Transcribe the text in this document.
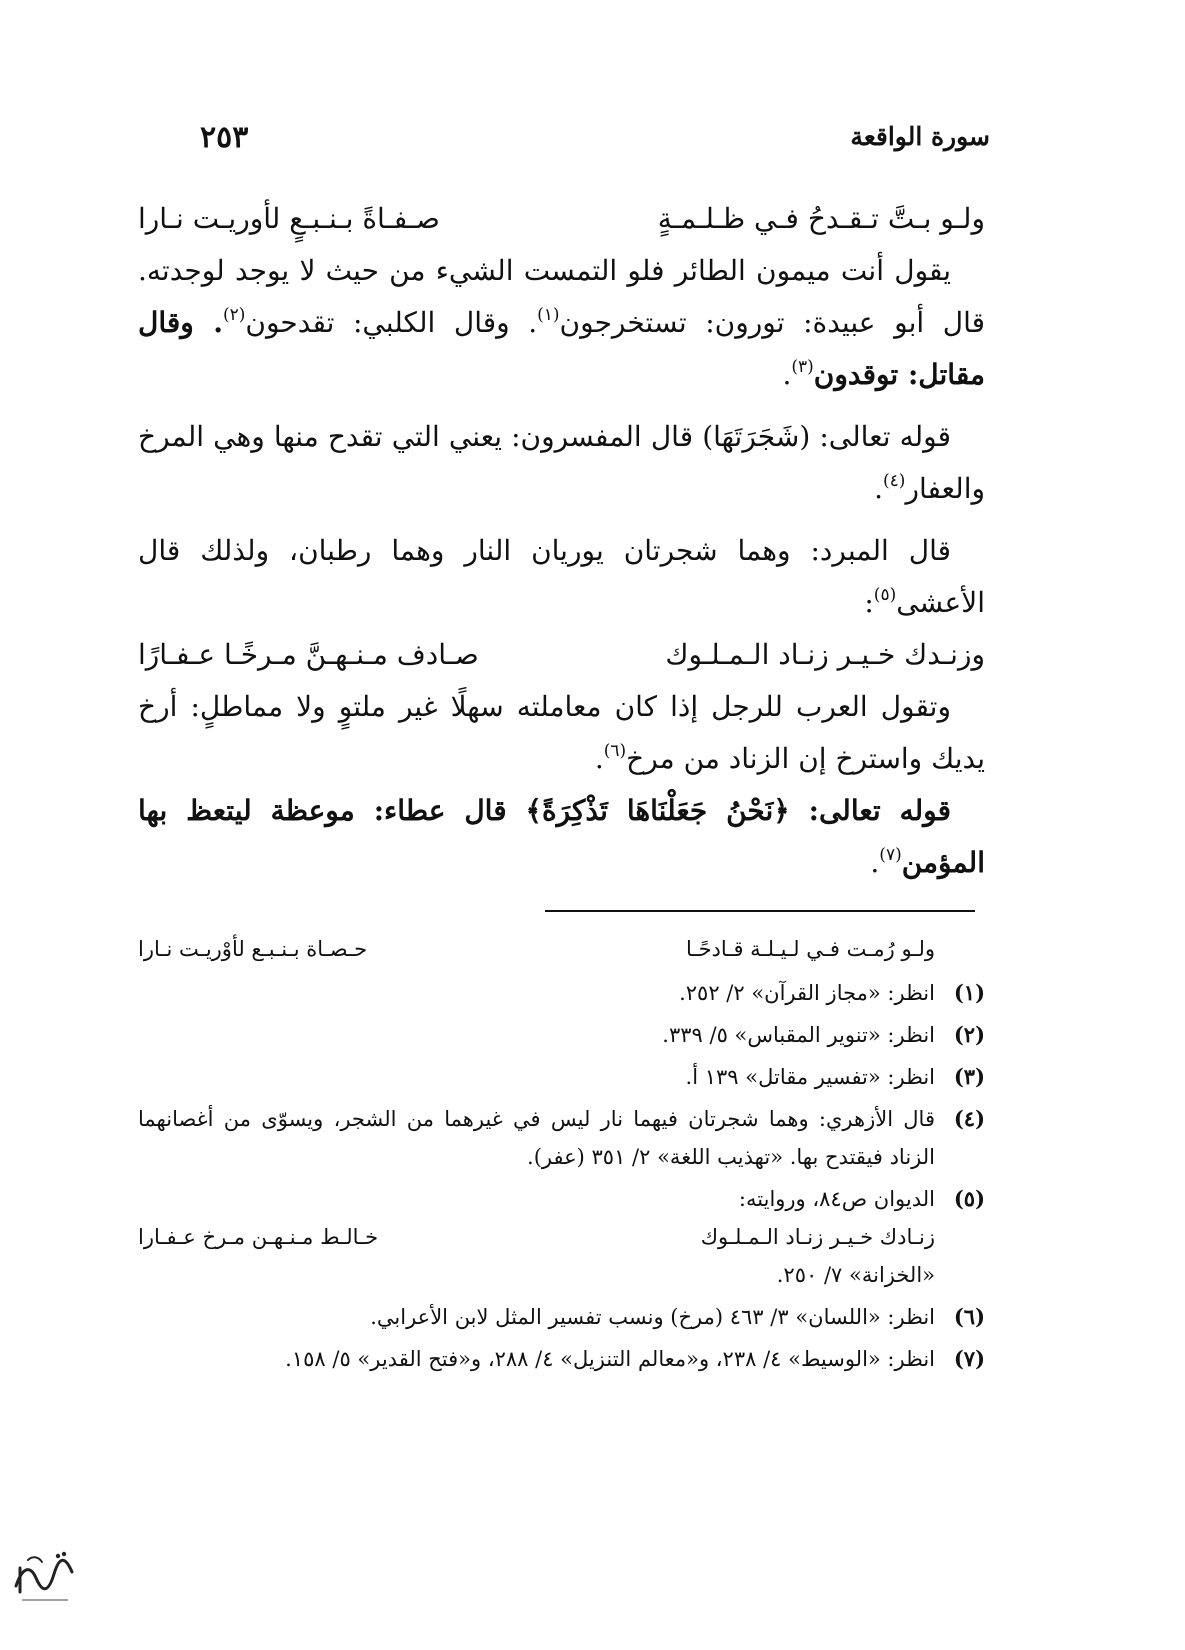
سورة الواقعة
٢٥٣
ولـو بـتَّ تـقـدحُ فـي ظـلـمـةٍ
صـفـاةً بـنـبـعٍ لأوريـت نـارا

يقول أنت ميمون الطائر فلو التمست الشيء من حيث لا يوجد لوجدته. قال أبو عبيدة: تورون: تستخرجون$^{(١)}$. وقال الكلبي: تقدحون$^{(٢)}$. وقال مقاتل: توقدون$^{(٣)}$.

قوله تعالى: (شَجَرَتَهَا) قال المفسرون: يعني التي تقدح منها وهي المرخ والعفار$^{(٤)}$.

قال المبرد: وهما شجرتان يوريان النار وهما رطبان، ولذلك قال الأعشى$^{(٥)}$:

وزنـدك خـيـر زنـاد الـمـلـوك
صـادف مـنـهـنَّ مـرخًـا عـفـارًا

وتقول العرب للرجل إذا كان معاملته سهلًا غير ملتوٍ ولا مماطلٍ: أرخ يديك واسترخ إن الزناد من مرخ$^{(٦)}$.

قوله تعالى: ﴿نَحْنُ جَعَلْنَاهَا تَذْكِرَةً﴾ قال عطاء: موعظة ليتعظ بها المؤمن$^{(٧)}$.

ولـو رُمـت فـي لـيـلـة قـادحًـا
حـصـاة بـنـبـع لأوْريـت نـارا
(١)
انظر: «مجاز القرآن» ٢/ ٢٥٢.
(٢)
انظر: «تنوير المقباس» ٥/ ٣٣٩.
(٣)
انظر: «تفسير مقاتل» ١٣٩ أ.
(٤)
قال الأزهري: وهما شجرتان فيهما نار ليس في غيرهما من الشجر، ويسوّى من أغصانهما الزناد فيقتدح بها. «تهذيب اللغة» ٢/ ٣٥١ (عفر).
(٥)
الديوان ص٨٤، وروايته:
زنـادك خـيـر زنـاد الـمـلـوك
خـالـط مـنـهـن مـرخ عـفـارا
«الخزانة» ٧/ ٢٥٠.
(٦)
انظر: «اللسان» ٣/ ٤٦٣ (مرخ) ونسب تفسير المثل لابن الأعرابي.
(٧)
انظر: «الوسيط» ٤/ ٢٣٨، و«معالم التنزيل» ٤/ ٢٨٨، و«فتح القدير» ٥/ ١٥٨.
